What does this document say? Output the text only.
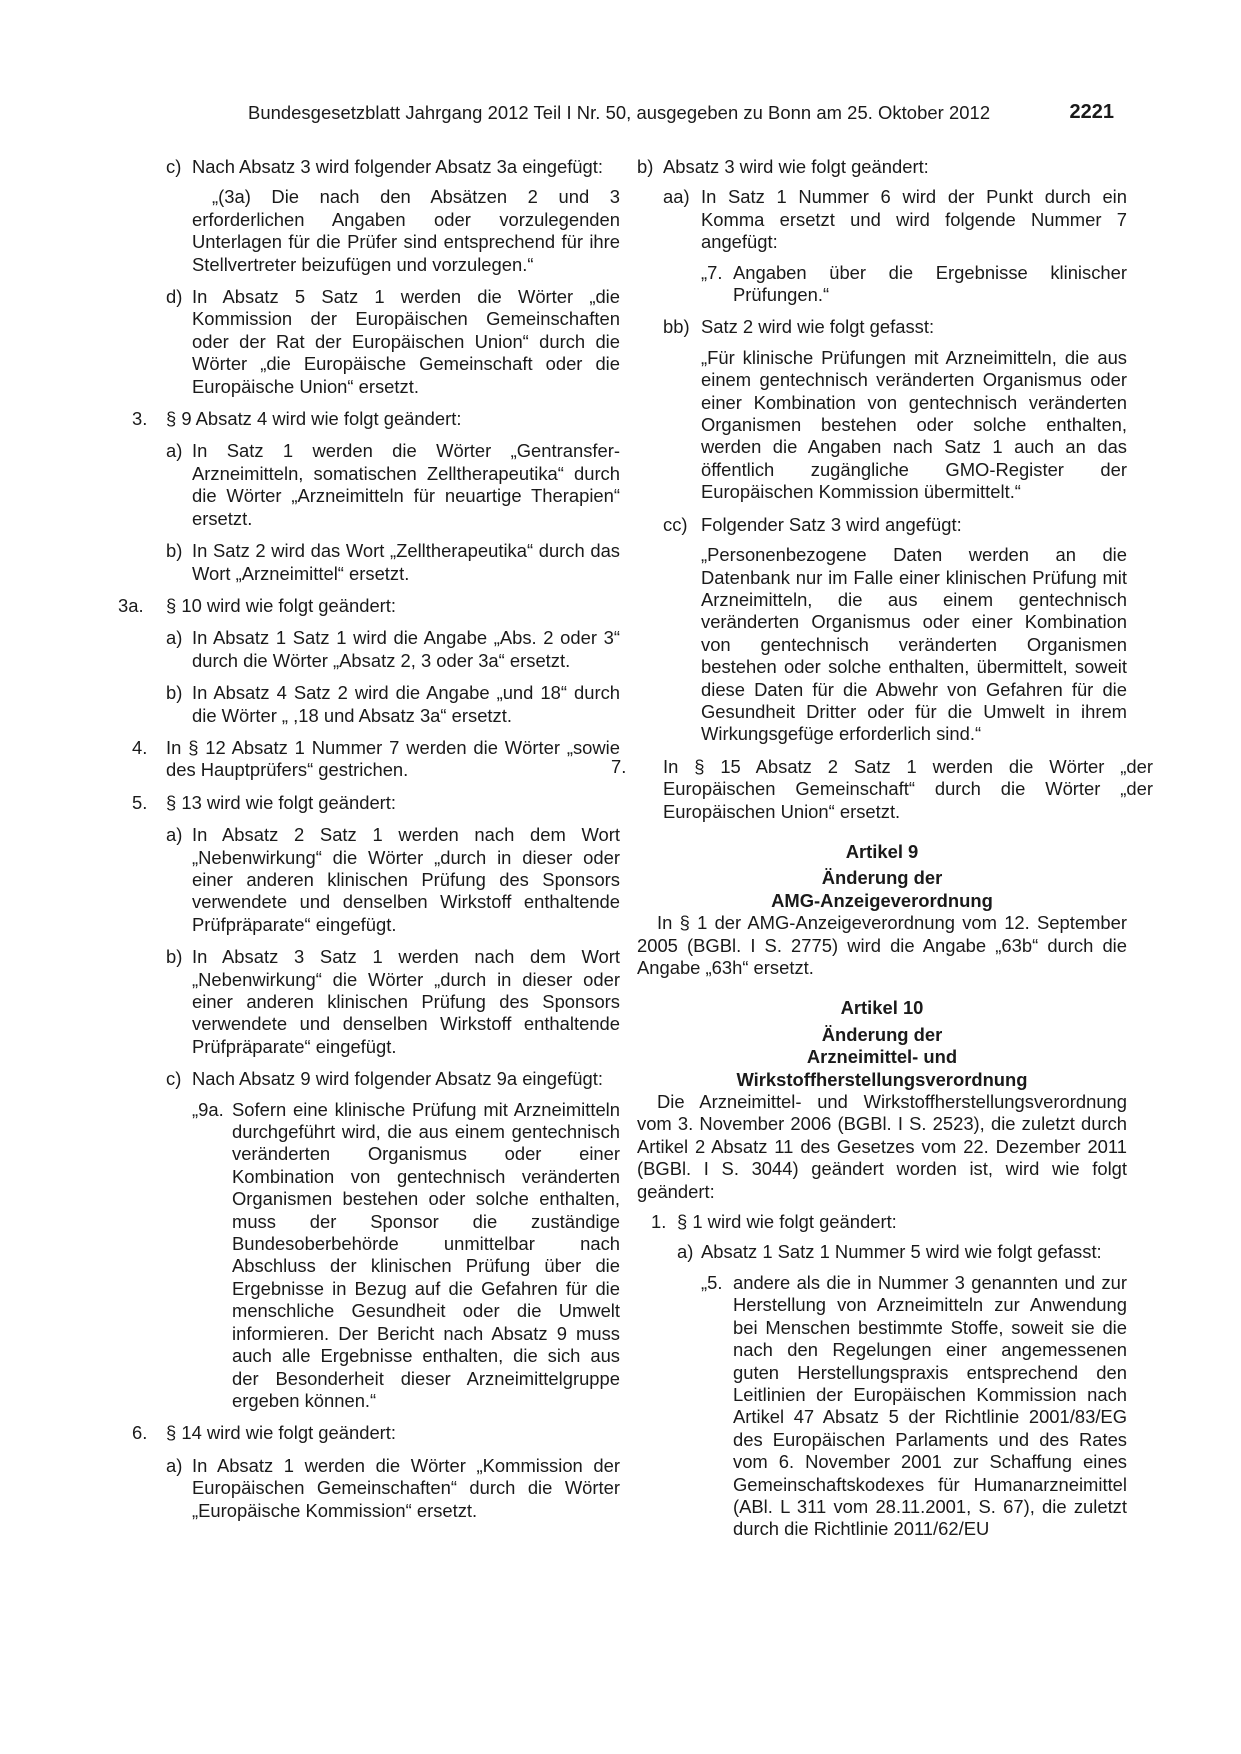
Bundesgesetzblatt Jahrgang 2012 Teil I Nr. 50, ausgegeben zu Bonn am 25. Oktober 2012	2221
c) Nach Absatz 3 wird folgender Absatz 3a eingefügt:
„(3a) Die nach den Absätzen 2 und 3 erforderlichen Angaben oder vorzulegenden Unterlagen für die Prüfer sind entsprechend für ihre Stellvertreter beizufügen und vorzulegen.“
d) In Absatz 5 Satz 1 werden die Wörter „die Kommission der Europäischen Gemeinschaften oder der Rat der Europäischen Union“ durch die Wörter „die Europäische Gemeinschaft oder die Europäische Union“ ersetzt.
3. § 9 Absatz 4 wird wie folgt geändert:
a) In Satz 1 werden die Wörter „Gentransfer-Arzneimitteln, somatischen Zelltherapeutika“ durch die Wörter „Arzneimitteln für neuartige Therapien“ ersetzt.
b) In Satz 2 wird das Wort „Zelltherapeutika“ durch das Wort „Arzneimittel“ ersetzt.
3a. § 10 wird wie folgt geändert:
a) In Absatz 1 Satz 1 wird die Angabe „Abs. 2 oder 3“ durch die Wörter „Absatz 2, 3 oder 3a“ ersetzt.
b) In Absatz 4 Satz 2 wird die Angabe „und 18“ durch die Wörter „ ,18 und Absatz 3a“ ersetzt.
4. In § 12 Absatz 1 Nummer 7 werden die Wörter „sowie des Hauptprüfers“ gestrichen.
5. § 13 wird wie folgt geändert:
a) In Absatz 2 Satz 1 werden nach dem Wort „Nebenwirkung“ die Wörter „durch in dieser oder einer anderen klinischen Prüfung des Sponsors verwendete und denselben Wirkstoff enthaltende Prüfpräparate“ eingefügt.
b) In Absatz 3 Satz 1 werden nach dem Wort „Nebenwirkung“ die Wörter „durch in dieser oder einer anderen klinischen Prüfung des Sponsors verwendete und denselben Wirkstoff enthaltende Prüfpräparate“ eingefügt.
c) Nach Absatz 9 wird folgender Absatz 9a eingefügt:
„9a. Sofern eine klinische Prüfung mit Arzneimitteln durchgeführt wird, die aus einem gentechnisch veränderten Organismus oder einer Kombination von gentechnisch veränderten Organismen bestehen oder solche enthalten, muss der Sponsor die zuständige Bundesoberbehörde unmittelbar nach Abschluss der klinischen Prüfung über die Ergebnisse in Bezug auf die Gefahren für die menschliche Gesundheit oder die Umwelt informieren. Der Bericht nach Absatz 9 muss auch alle Ergebnisse enthalten, die sich aus der Besonderheit dieser Arzneimittelgruppe ergeben können.“
6. § 14 wird wie folgt geändert:
a) In Absatz 1 werden die Wörter „Kommission der Europäischen Gemeinschaften“ durch die Wörter „Europäische Kommission“ ersetzt.
b) Absatz 3 wird wie folgt geändert:
aa) In Satz 1 Nummer 6 wird der Punkt durch ein Komma ersetzt und wird folgende Nummer 7 angefügt:
„7. Angaben über die Ergebnisse klinischer Prüfungen.“
bb) Satz 2 wird wie folgt gefasst:
„Für klinische Prüfungen mit Arzneimitteln, die aus einem gentechnisch veränderten Organismus oder einer Kombination von gentechnisch veränderten Organismen bestehen oder solche enthalten, werden die Angaben nach Satz 1 auch an das öffentlich zugängliche GMO-Register der Europäischen Kommission übermittelt.“
cc) Folgender Satz 3 wird angefügt:
„Personenbezogene Daten werden an die Datenbank nur im Falle einer klinischen Prüfung mit Arzneimitteln, die aus einem gentechnisch veränderten Organismus oder einer Kombination von gentechnisch veränderten Organismen bestehen oder solche enthalten, übermittelt, soweit diese Daten für die Abwehr von Gefahren für die Gesundheit Dritter oder für die Umwelt in ihrem Wirkungsgefüge erforderlich sind.“
7.	In § 15 Absatz 2 Satz 1 werden die Wörter „der Europäischen Gemeinschaft“ durch die Wörter „der Europäischen Union“ ersetzt.
Artikel 9
Änderung der
AMG-Anzeigeverordnung
In § 1 der AMG-Anzeigeverordnung vom 12. September 2005 (BGBl. I S. 2775) wird die Angabe „63b“ durch die Angabe „63h“ ersetzt.
Artikel 10
Änderung der
Arzneimittel- und
Wirkstoffherstellungsverordnung
Die Arzneimittel- und Wirkstoffherstellungsverordnung vom 3. November 2006 (BGBl. I S. 2523), die zuletzt durch Artikel 2 Absatz 11 des Gesetzes vom 22. Dezember 2011 (BGBl. I S. 3044) geändert worden ist, wird wie folgt geändert:
1. § 1 wird wie folgt geändert:
a) Absatz 1 Satz 1 Nummer 5 wird wie folgt gefasst:
„5. andere als die in Nummer 3 genannten und zur Herstellung von Arzneimitteln zur Anwendung bei Menschen bestimmte Stoffe, soweit sie die nach den Regelungen einer angemessenen guten Herstellungspraxis entsprechend den Leitlinien der Europäischen Kommission nach Artikel 47 Absatz 5 der Richtlinie 2001/83/EG des Europäischen Parlaments und des Rates vom 6. November 2001 zur Schaffung eines Gemeinschaftskodexes für Humanarzneimittel (ABl. L 311 vom 28.11.2001, S. 67), die zuletzt durch die Richtlinie 2011/62/EU
